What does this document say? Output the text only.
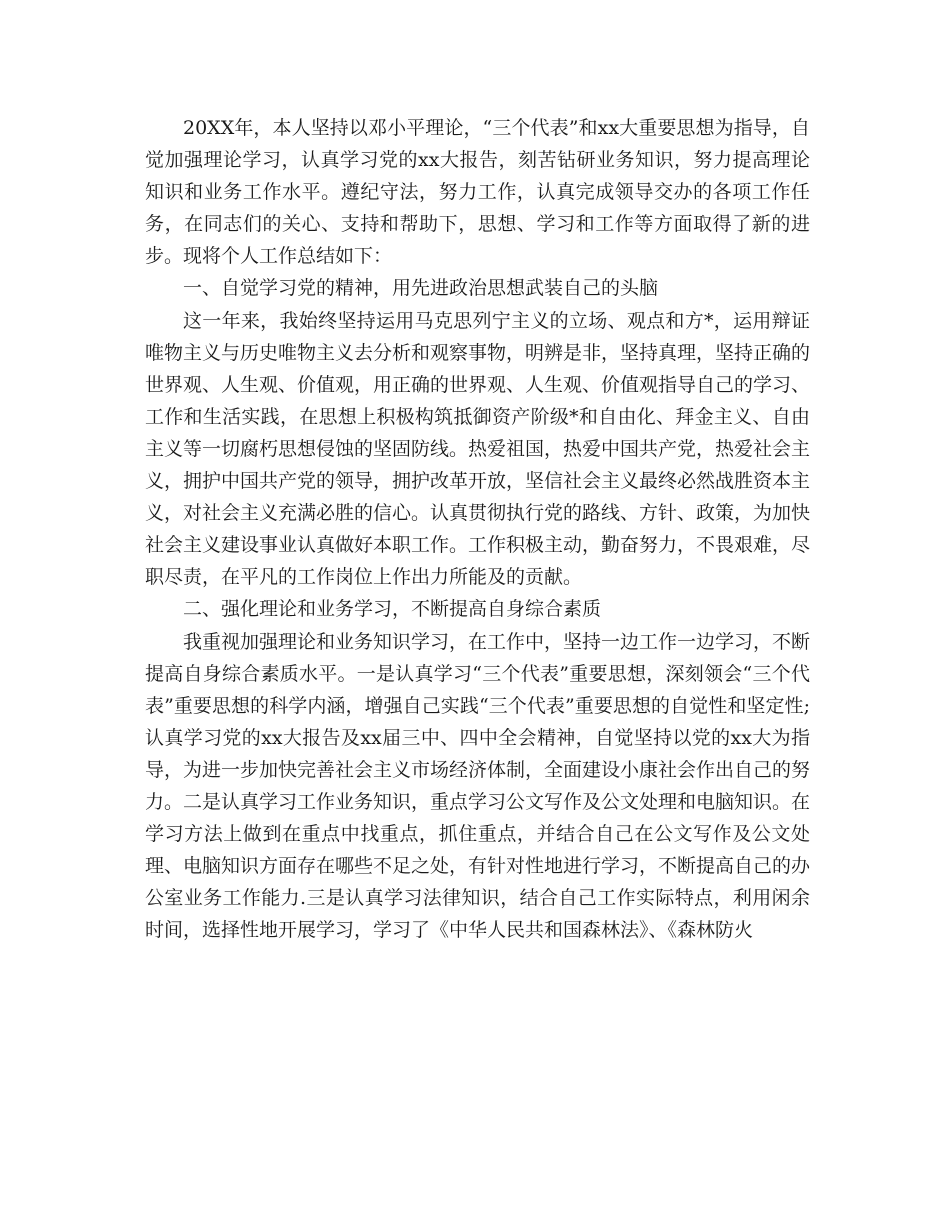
20XX年，本人坚持以邓小平理论，“三个代表”和xx大重要思想为指导，自觉加强理论学习，认真学习党的xx大报告，刻苦钻研业务知识，努力提高理论知识和业务工作水平。遵纪守法，努力工作，认真完成领导交办的各项工作任务，在同志们的关心、支持和帮助下，思想、学习和工作等方面取得了新的进步。现将个人工作总结如下：

一、自觉学习党的精神，用先进政治思想武装自己的头脑

这一年来，我始终坚持运用马克思列宁主义的立场、观点和方*，运用辩证唯物主义与历史唯物主义去分析和观察事物，明辨是非，坚持真理，坚持正确的世界观、人生观、价值观，用正确的世界观、人生观、价值观指导自己的学习、工作和生活实践，在思想上积极构筑抵御资产阶级*和自由化、拜金主义、自由主义等一切腐朽思想侵蚀的坚固防线。热爱祖国，热爱中国共产党，热爱社会主义，拥护中国共产党的领导，拥护改革开放，坚信社会主义最终必然战胜资本主义，对社会主义充满必胜的信心。认真贯彻执行党的路线、方针、政策，为加快社会主义建设事业认真做好本职工作。工作积极主动，勤奋努力，不畏艰难，尽职尽责，在平凡的工作岗位上作出力所能及的贡献。

二、强化理论和业务学习，不断提高自身综合素质

我重视加强理论和业务知识学习，在工作中，坚持一边工作一边学习，不断提高自身综合素质水平。一是认真学习“三个代表”重要思想，深刻领会“三个代表”重要思想的科学内涵，增强自己实践“三个代表”重要思想的自觉性和坚定性;认真学习党的xx大报告及xx届三中、四中全会精神，自觉坚持以党的xx大为指导，为进一步加快完善社会主义市场经济体制，全面建设小康社会作出自己的努力。二是认真学习工作业务知识，重点学习公文写作及公文处理和电脑知识。在学习方法上做到在重点中找重点，抓住重点，并结合自己在公文写作及公文处理、电脑知识方面存在哪些不足之处，有针对性地进行学习，不断提高自己的办公室业务工作能力.三是认真学习法律知识，结合自己工作实际特点，利用闲余时间，选择性地开展学习，学习了《中华人民共和国森林法》、《森林防火
